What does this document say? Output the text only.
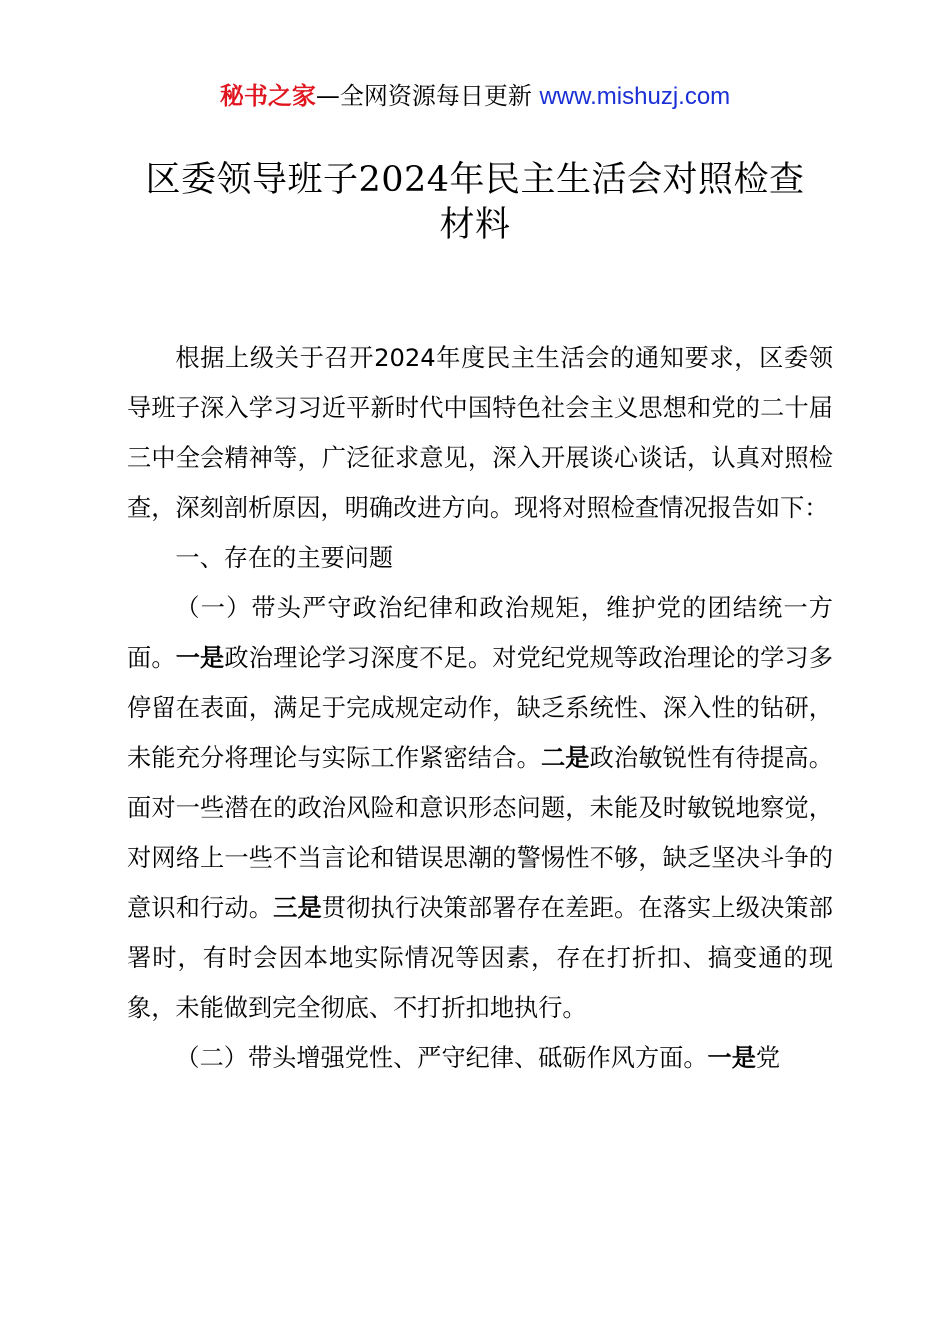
秘书之家—全网资源每日更新 www.mishuzj.com
区委领导班子2024年民主生活会对照检查
材料

根据上级关于召开2024年度民主生活会的通知要求，区委领导班子深入学习习近平新时代中国特色社会主义思想和党的二十届三中全会精神等，广泛征求意见，深入开展谈心谈话，认真对照检查，深刻剖析原因，明确改进方向。现将对照检查情况报告如下：

一、存在的主要问题

（一）带头严守政治纪律和政治规矩，维护党的团结统一方面。一是政治理论学习深度不足。对党纪党规等政治理论的学习多停留在表面，满足于完成规定动作，缺乏系统性、深入性的钻研，未能充分将理论与实际工作紧密结合。二是政治敏锐性有待提高。面对一些潜在的政治风险和意识形态问题，未能及时敏锐地察觉，对网络上一些不当言论和错误思潮的警惕性不够，缺乏坚决斗争的意识和行动。三是贯彻执行决策部署存在差距。在落实上级决策部署时，有时会因本地实际情况等因素，存在打折扣、搞变通的现象，未能做到完全彻底、不打折扣地执行。

（二）带头增强党性、严守纪律、砥砺作风方面。一是党
